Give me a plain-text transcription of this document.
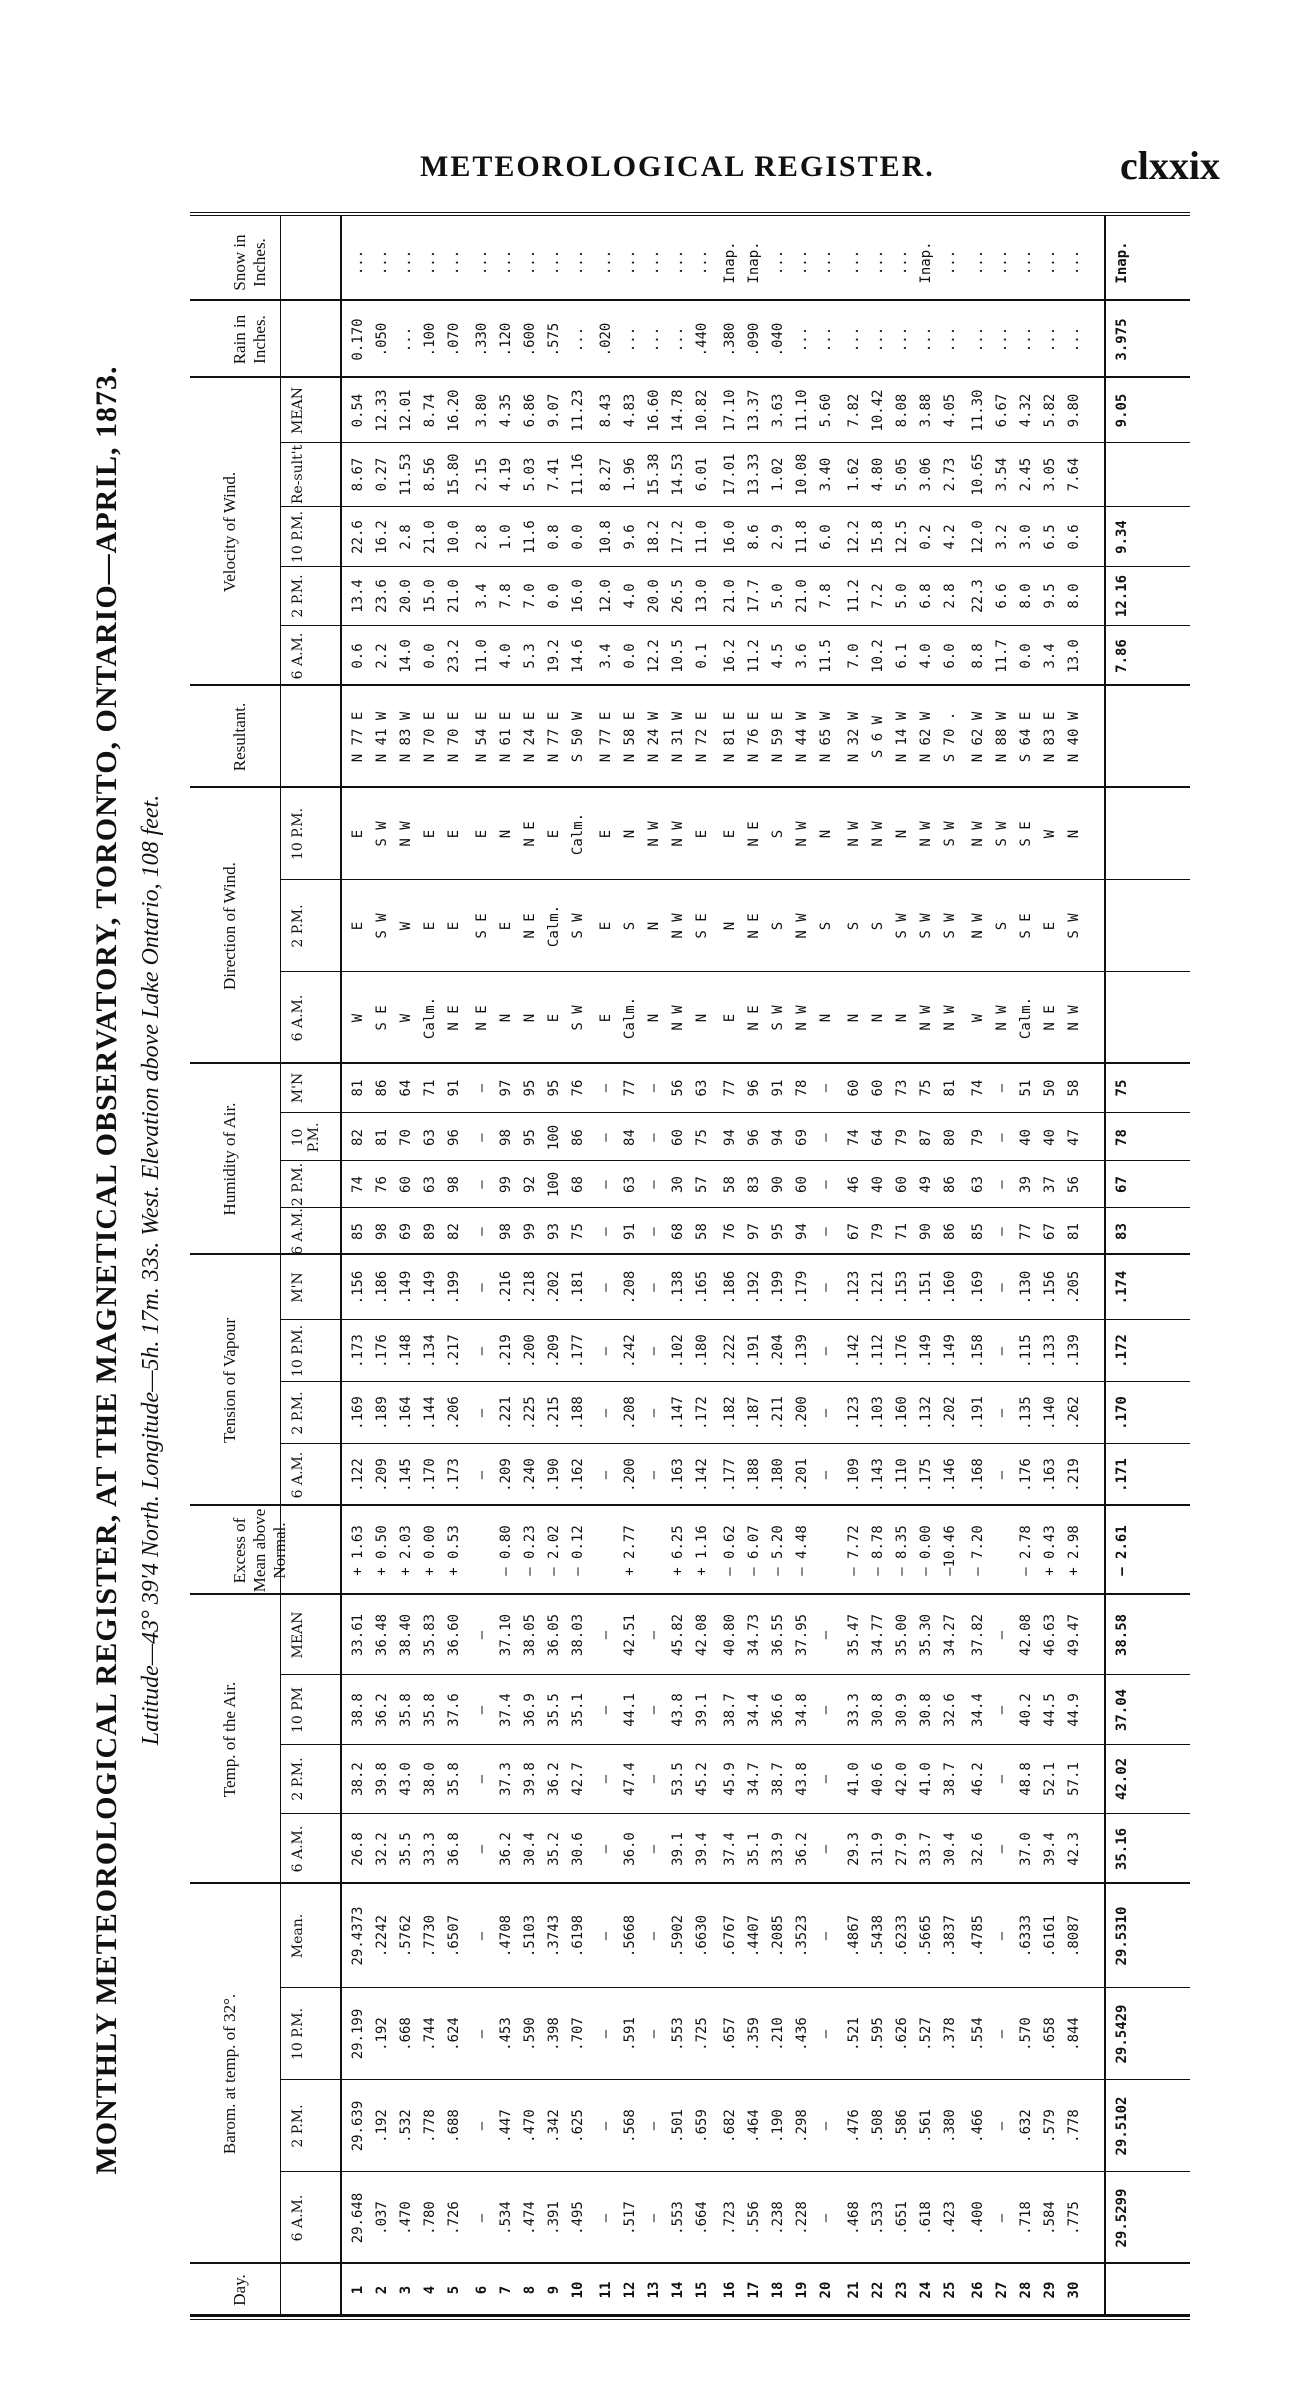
METEOROLOGICAL REGISTER.	clxxix
MONTHLY METEOROLOGICAL REGISTER, AT THE MAGNETICAL OBSERVATORY, TORONTO, ONTARIO—APRIL, 1873. Latitude—43° 39'4 North. Longitude—5h. 17m. 33s. West. Elevation above Lake Ontario, 108 feet.
Day.
Barom. at temp. of 32°.
Temp. of the Air.
Excess of Mean above Normal.
Tension of Vapour
Humidity of Air.
Direction of Wind.
Resultant.
Velocity of Wind.
Rain in Inches.
Snow in Inches.
6 A.M.
2 P.M.
10 P.M.
Mean.
6 A.M.
2 P.M.
10 PM
MEAN
6 A.M.
2 P.M.
10 P.M.
M'N
6 A.M.
2 P.M.
10 P.M.
M'N
6 A.M.
2 P.M.
10 P.M.
6 A.M.
2 P.M.
10 P.M.
Re-sult't
MEAN
1
29.648
29.639
29.199
29.4373
26.8
38.2
38.8
33.61
+ 1.63
.122
.169
.173
.156
85
74
82
81
W
E
E
N 77 E
0.6
13.4
22.6
8.67
0.54
0.170
...
2
.037
.192
.192
.2242
32.2
39.8
36.2
36.48
+ 0.50
.209
.189
.176
.186
98
76
81
86
S E
S W
S W
N 41 W
2.2
23.6
16.2
0.27
12.33
.050
...
3
.470
.532
.668
.5762
35.5
43.0
35.8
38.40
+ 2.03
.145
.164
.148
.149
69
60
70
64
W
W
N W
N 83 W
14.0
20.0
2.8
11.53
12.01
...
...
4
.780
.778
.744
.7730
33.3
38.0
35.8
35.83
+ 0.00
.170
.144
.134
.149
89
63
63
71
Calm.
E
E
N 70 E
0.0
15.0
21.0
8.56
8.74
.100
...
5
.726
.688
.624
.6507
36.8
35.8
37.6
36.60
+ 0.53
.173
.206
.217
.199
82
98
96
91
N E
E
E
N 70 E
23.2
21.0
10.0
15.80
16.20
.070
...
6
—
—
—
—
—
—
—
—
—
—
—
—
—
—
—
—
N E
S E
E
N 54 E
11.0
3.4
2.8
2.15
3.80
.330
...
7
.534
.447
.453
.4708
36.2
37.3
37.4
37.10
— 0.80
.209
.221
.219
.216
98
99
98
97
N
E
N
N 61 E
4.0
7.8
1.0
4.19
4.35
.120
...
8
.474
.470
.590
.5103
30.4
39.8
36.9
38.05
— 0.23
.240
.225
.200
.218
99
92
95
95
N
N E
N E
N 24 E
5.3
7.0
11.6
5.03
6.86
.600
...
9
.391
.342
.398
.3743
35.2
36.2
35.5
36.05
— 2.02
.190
.215
.209
.202
93
100
100
95
E
Calm.
E
N 77 E
19.2
0.0
0.8
7.41
9.07
.575
...
10
.495
.625
.707
.6198
30.6
42.7
35.1
38.03
— 0.12
.162
.188
.177
.181
75
68
86
76
S W
S W
Calm.
S 50 W
14.6
16.0
0.0
11.16
11.23
...
...
11
—
—
—
—
—
—
—
—
—
—
—
—
—
—
—
—
E
E
E
N 77 E
3.4
12.0
10.8
8.27
8.43
.020
...
12
.517
.568
.591
.5668
36.0
47.4
44.1
42.51
+ 2.77
.200
.208
.242
.208
91
63
84
77
Calm.
S
N
N 58 E
0.0
4.0
9.6
1.96
4.83
...
...
13
—
—
—
—
—
—
—
—
—
—
—
—
—
—
—
—
N
N
N W
N 24 W
12.2
20.0
18.2
15.38
16.60
...
...
14
.553
.501
.553
.5902
39.1
53.5
43.8
45.82
+ 6.25
.163
.147
.102
.138
68
30
60
56
N W
N W
N W
N 31 W
10.5
26.5
17.2
14.53
14.78
...
...
15
.664
.659
.725
.6630
39.4
45.2
39.1
42.08
+ 1.16
.142
.172
.180
.165
58
57
75
63
N
S E
E
N 72 E
0.1
13.0
11.0
6.01
10.82
.440
...
16
.723
.682
.657
.6767
37.4
45.9
38.7
40.80
— 0.62
.177
.182
.222
.186
76
58
94
77
E
N
E
N 81 E
16.2
21.0
16.0
17.01
17.10
.380
Inap.
17
.556
.464
.359
.4407
35.1
34.7
34.4
34.73
— 6.07
.188
.187
.191
.192
97
83
96
96
N E
N E
N E
N 76 E
11.2
17.7
8.6
13.33
13.37
.090
Inap.
18
.238
.190
.210
.2085
33.9
38.7
36.6
36.55
— 5.20
.180
.211
.204
.199
95
90
94
91
S W
S
S
N 59 E
4.5
5.0
2.9
1.02
3.63
.040
...
19
.228
.298
.436
.3523
36.2
43.8
34.8
37.95
— 4.48
.201
.200
.139
.179
94
60
69
78
N W
N W
N W
N 44 W
3.6
21.0
11.8
10.08
11.10
...
...
20
—
—
—
—
—
—
—
—
—
—
—
—
—
—
—
—
N
S
N
N 65 W
11.5
7.8
6.0
3.40
5.60
...
...
21
.468
.476
.521
.4867
29.3
41.0
33.3
35.47
— 7.72
.109
.123
.142
.123
67
46
74
60
N
S
N W
N 32 W
7.0
11.2
12.2
1.62
7.82
...
...
22
.533
.508
.595
.5438
31.9
40.6
30.8
34.77
— 8.78
.143
.103
.112
.121
79
40
64
60
N
S
N W
S 6 W
10.2
7.2
15.8
4.80
10.42
...
...
23
.651
.586
.626
.6233
27.9
42.0
30.9
35.00
— 8.35
.110
.160
.176
.153
71
60
79
73
N
S W
N
N 14 W
6.1
5.0
12.5
5.05
8.08
...
...
24
.618
.561
.527
.5665
33.7
41.0
30.8
35.30
— 0.00
.175
.132
.149
.151
90
49
87
75
N W
S W
N W
N 62 W
4.0
6.8
0.2
3.06
3.88
...
Inap.
25
.423
.380
.378
.3837
30.4
38.7
32.6
34.27
—10.46
.146
.202
.149
.160
86
86
80
81
N W
S W
S W
S 70 .
6.0
2.8
4.2
2.73
4.05
...
...
26
.400
.466
.554
.4785
32.6
46.2
34.4
37.82
— 7.20
.168
.191
.158
.169
85
63
79
74
W
N W
N W
N 62 W
8.8
22.3
12.0
10.65
11.30
...
...
27
—
—
—
—
—
—
—
—
—
—
—
—
—
—
—
—
N W
S
S W
N 88 W
11.7
6.6
3.2
3.54
6.67
...
...
28
.718
.632
.570
.6333
37.0
48.8
40.2
42.08
— 2.78
.176
.135
.115
.130
77
39
40
51
Calm.
S E
S E
S 64 E
0.0
8.0
3.0
2.45
4.32
...
...
29
.584
.579
.658
.6161
39.4
52.1
44.5
46.63
+ 0.43
.163
.140
.133
.156
67
37
40
50
N E
E
W
N 83 E
3.4
9.5
6.5
3.05
5.82
...
...
30
.775
.778
.844
.8087
42.3
57.1
44.9
49.47
+ 2.98
.219
.262
.139
.205
81
56
47
58
N W
S W
N
N 40 W
13.0
8.0
0.6
7.64
9.80
...
...
29.5299
29.5102
29.5429
29.5310
35.16
42.02
37.04
38.58
— 2.61
.171
.170
.172
.174
83
67
78
75
7.86
12.16
9.34
9.05
3.975
Inap.
